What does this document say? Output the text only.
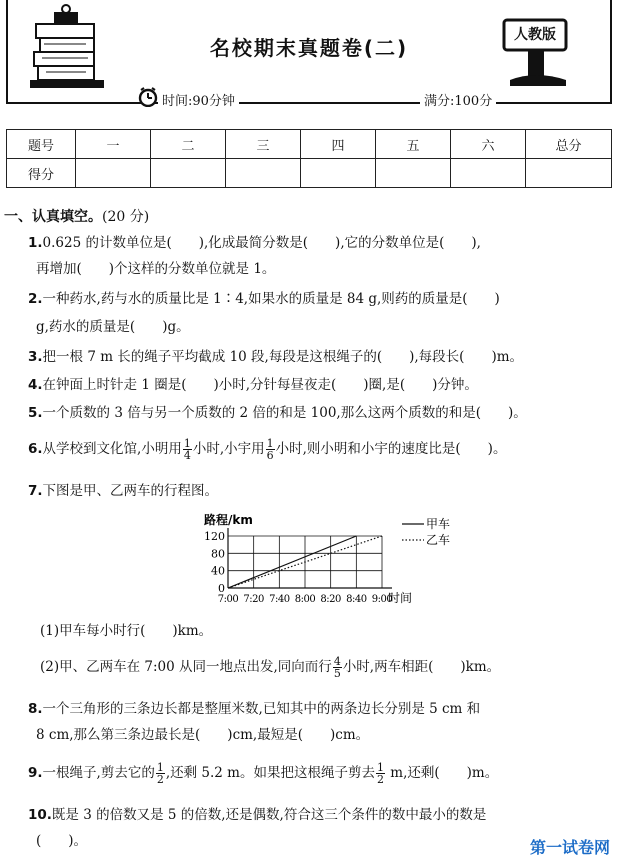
名校期末真题卷(二)
人教版
时间:90分钟	满分:100分
题号	一	二	三	四	五	六	总分
得分							
一、认真填空。(20 分)
1.0.625 的计数单位是(　　),化成最简分数是(　　),它的分数单位是(　　),
再增加(　　)个这样的分数单位就是 1。
2.一种药水,药与水的质量比是 1∶4,如果水的质量是 84 g,则药的质量是(　　)
g,药水的质量是(　　)g。
3.把一根 7 m 长的绳子平均截成 10 段,每段是这根绳子的(　　),每段长(　　)m。
4.在钟面上时针走 1 圈是(　　)小时,分针每昼夜走(　　)圈,是(　　)分钟。
5.一个质数的 3 倍与另一个质数的 2 倍的和是 100,那么这两个质数的和是(　　)。
6.从学校到文化馆,小明用 $\frac{1}{4}$ 小时,小宇用 $\frac{1}{6}$ 小时,则小明和小宇的速度比是(　　)。
7.下图是甲、乙两车的行程图。
0
40
80
120
7:00 7:20 7:40 8:00 8:20 8:40 9:00
路程/km
时间
甲车
乙车
(1)甲车每小时行(　　)km。
(2)甲、乙两车在 7:00 从同一地点出发,同向而行 $\frac{4}{5}$ 小时,两车相距(　　)km。
8.一个三角形的三条边长都是整厘米数,已知其中的两条边长分别是 5 cm 和
8 cm,那么第三条边最长是(　　)cm,最短是(　　)cm。
9.一根绳子,剪去它的 $\frac{1}{2}$ ,还剩 5.2 m。如果把这根绳子剪去 $\frac{1}{2} m$,还剩(　　)m。
10.既是 3 的倍数又是 5 的倍数,还是偶数,符合这三个条件的数中最小的数是
(　　)。	第一试卷网
